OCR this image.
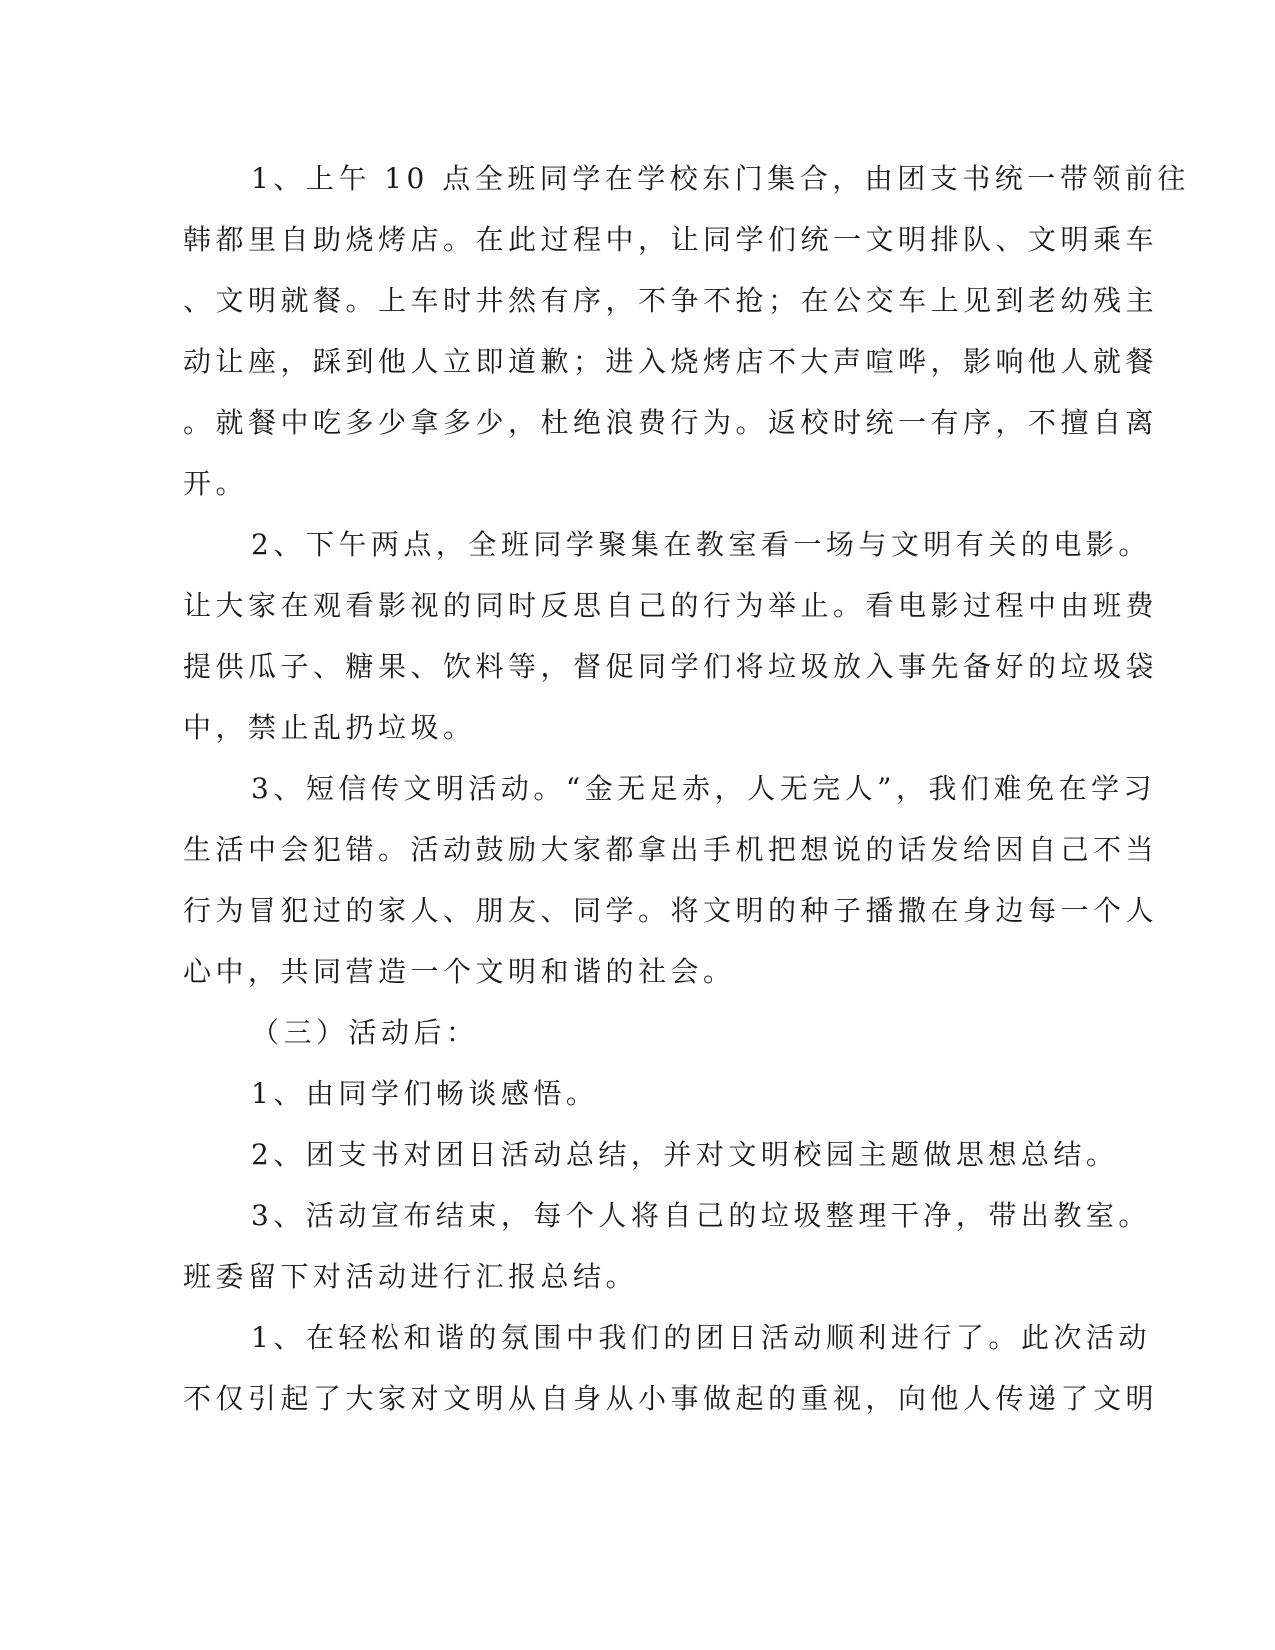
1、上午 10 点全班同学在学校东门集合，由团支书统一带领前往
韩都里自助烧烤店。在此过程中，让同学们统一文明排队、文明乘车
、文明就餐。上车时井然有序，不争不抢；在公交车上见到老幼残主
动让座，踩到他人立即道歉；进入烧烤店不大声喧哗，影响他人就餐
。就餐中吃多少拿多少，杜绝浪费行为。返校时统一有序，不擅自离
开。
2、下午两点，全班同学聚集在教室看一场与文明有关的电影。
让大家在观看影视的同时反思自己的行为举止。看电影过程中由班费
提供瓜子、糖果、饮料等，督促同学们将垃圾放入事先备好的垃圾袋
中，禁止乱扔垃圾。
3、短信传文明活动。“金无足赤，人无完人”，我们难免在学习
生活中会犯错。活动鼓励大家都拿出手机把想说的话发给因自己不当
行为冒犯过的家人、朋友、同学。将文明的种子播撒在身边每一个人
心中，共同营造一个文明和谐的社会。
（三）活动后：
1、由同学们畅谈感悟。
2、团支书对团日活动总结，并对文明校园主题做思想总结。
3、活动宣布结束，每个人将自己的垃圾整理干净，带出教室。
班委留下对活动进行汇报总结。
1、在轻松和谐的氛围中我们的团日活动顺利进行了。此次活动
不仅引起了大家对文明从自身从小事做起的重视，向他人传递了文明
